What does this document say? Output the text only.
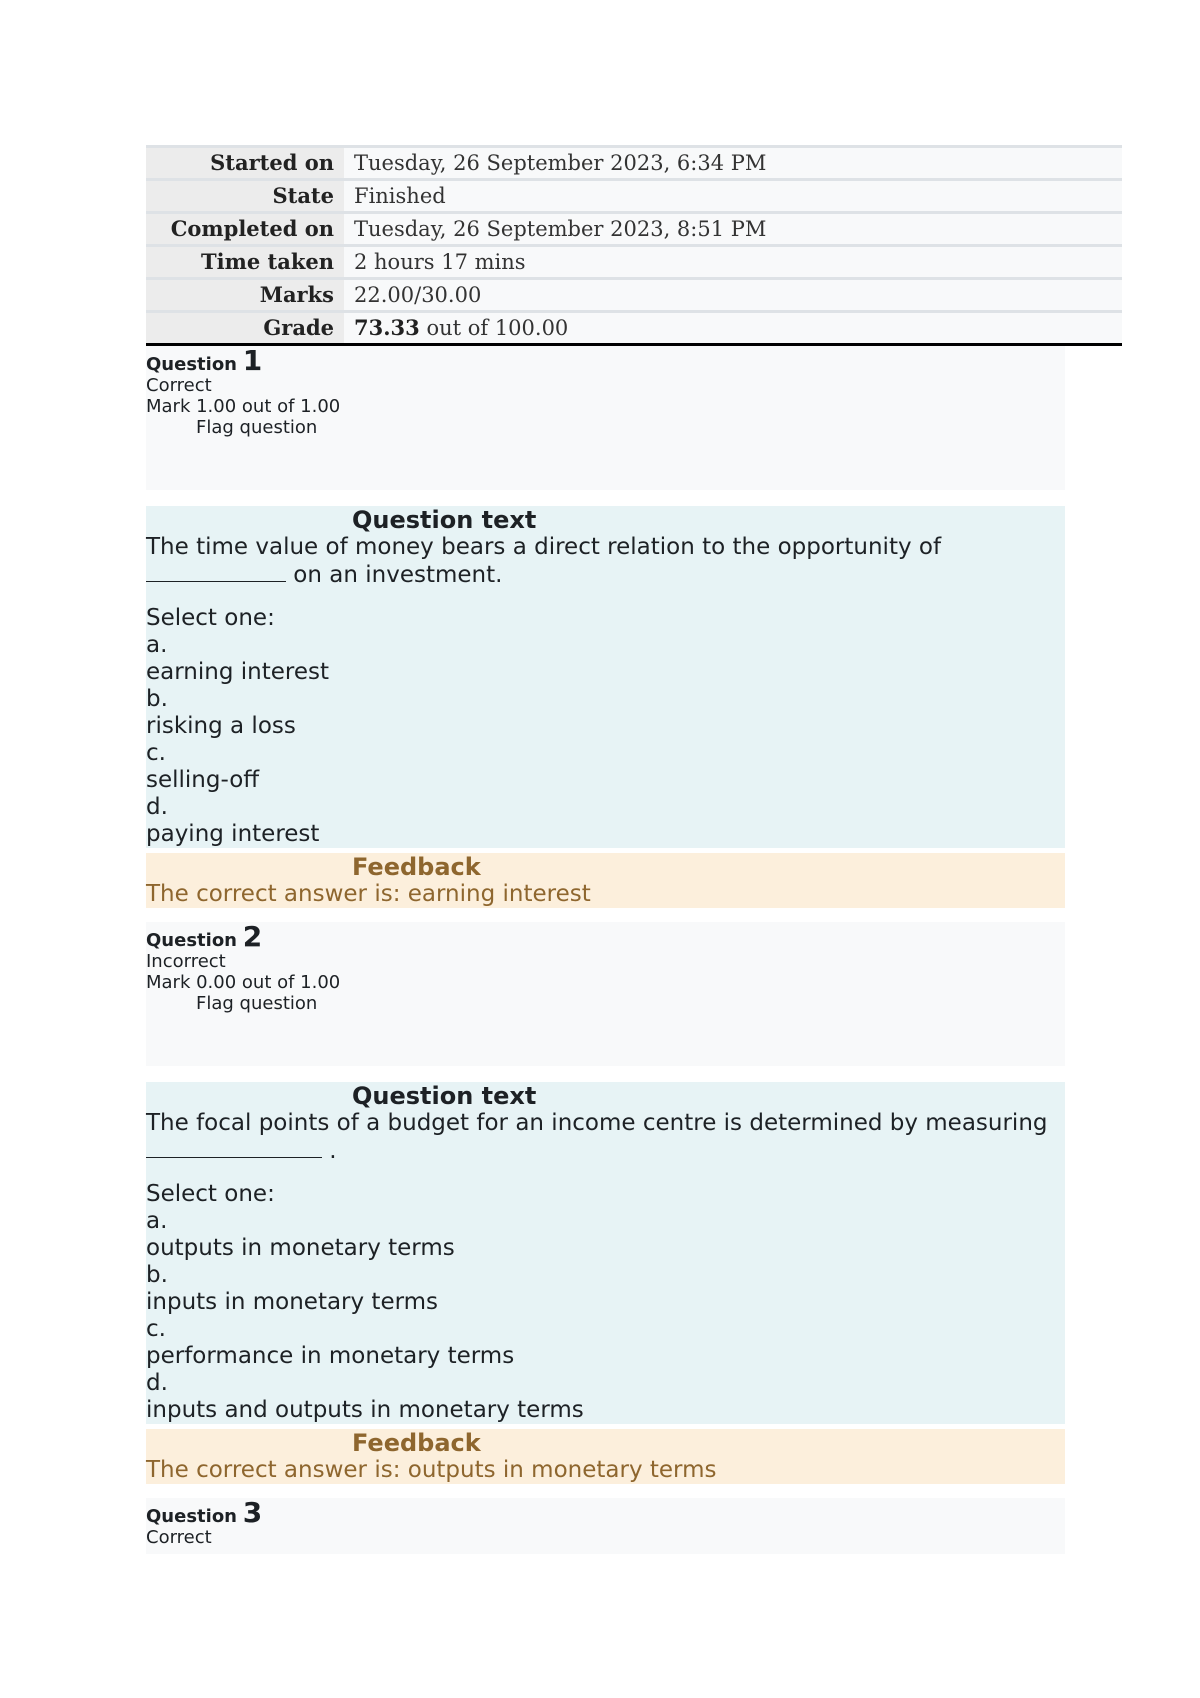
Started on	Tuesday, 26 September 2023, 6:34 PM
State	Finished
Completed on	Tuesday, 26 September 2023, 8:51 PM
Time taken	2 hours 17 mins
Marks	22.00/30.00
Grade	73.33 out of 100.00
Question 1
Correct
Mark 1.00 out of 1.00
Flag question
Question text
The time value of money bears a direct relation to the opportunity of
on an investment.
Select one:
a.
earning interest
b.
risking a loss
c.
selling-off
d.
paying interest
Feedback
The correct answer is: earning interest
Question 2
Incorrect
Mark 0.00 out of 1.00
Flag question
Question text
The focal points of a budget for an income centre is determined by measuring
.
Select one:
a.
outputs in monetary terms
b.
inputs in monetary terms
c.
performance in monetary terms
d.
inputs and outputs in monetary terms
Feedback
The correct answer is: outputs in monetary terms
Question 3
Correct
